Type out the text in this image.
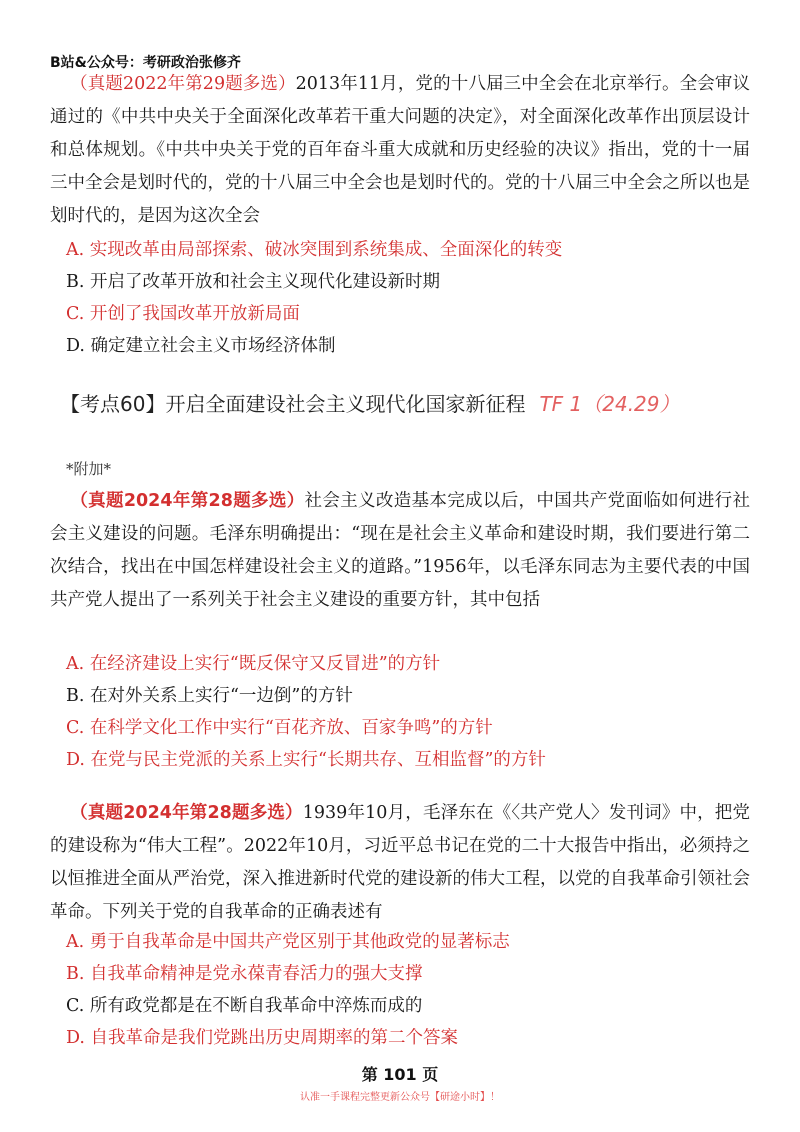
B站&公众号：考研政治张修齐
（真题2022年第29题多选）2013年11月，党的十八届三中全会在北京举行。全会审议通过的《中共中央关于全面深化改革若干重大问题的决定》，对全面深化改革作出顶层设计和总体规划。《中共中央关于党的百年奋斗重大成就和历史经验的决议》指出，党的十一届三中全会是划时代的，党的十八届三中全会也是划时代的。党的十八届三中全会之所以也是划时代的，是因为这次全会
A. 实现改革由局部探索、破冰突围到系统集成、全面深化的转变
B. 开启了改革开放和社会主义现代化建设新时期
C. 开创了我国改革开放新局面
D. 确定建立社会主义市场经济体制
【考点60】开启全面建设社会主义现代化国家新征程 TF 1（24.29）
*附加*
（真题2024年第28题多选）社会主义改造基本完成以后，中国共产党面临如何进行社会主义建设的问题。毛泽东明确提出：“现在是社会主义革命和建设时期，我们要进行第二次结合，找出在中国怎样建设社会主义的道路。”1956年，以毛泽东同志为主要代表的中国共产党人提出了一系列关于社会主义建设的重要方针，其中包括
A. 在经济建设上实行“既反保守又反冒进”的方针
B. 在对外关系上实行“一边倒”的方针
C. 在科学文化工作中实行“百花齐放、百家争鸣”的方针
D. 在党与民主党派的关系上实行“长期共存、互相监督”的方针
（真题2024年第28题多选）1939年10月，毛泽东在《〈共产党人〉发刊词》中，把党的建设称为“伟大工程”。2022年10月，习近平总书记在党的二十大报告中指出，必须持之以恒推进全面从严治党，深入推进新时代党的建设新的伟大工程，以党的自我革命引领社会革命。下列关于党的自我革命的正确表述有
A. 勇于自我革命是中国共产党区别于其他政党的显著标志
B. 自我革命精神是党永葆青春活力的强大支撑
C. 所有政党都是在不断自我革命中淬炼而成的
D. 自我革命是我们党跳出历史周期率的第二个答案
第 101 页
认准一手课程完整更新公众号【研途小时】！
